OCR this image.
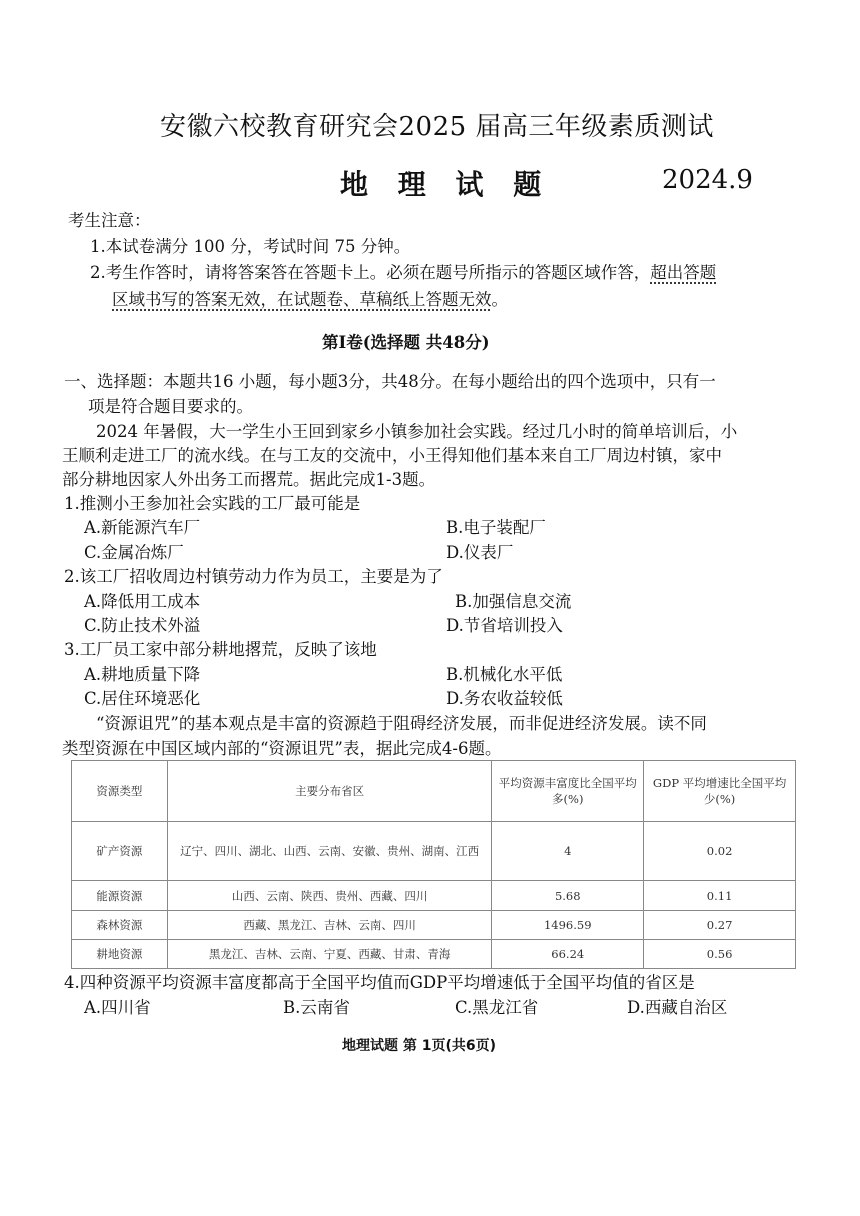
安徽六校教育研究会2025 届高三年级素质测试
地 理 试 题	2024.9
考生注意：
1.本试卷满分 100 分，考试时间 75 分钟。
2.考生作答时，请将答案答在答题卡上。必须在题号所指示的答题区域作答，超出答题
区域书写的答案无效，在试题卷、草稿纸上答题无效。
第Ⅰ卷(选择题 共48分)
一、选择题：本题共16 小题，每小题3分，共48分。在每小题给出的四个选项中，只有一
项是符合题目要求的。
2024 年暑假，大一学生小王回到家乡小镇参加社会实践。经过几小时的简单培训后，小
王顺利走进工厂的流水线。在与工友的交流中，小王得知他们基本来自工厂周边村镇，家中
部分耕地因家人外出务工而撂荒。据此完成1-3题。
1.推测小王参加社会实践的工厂最可能是
A.新能源汽车厂	B.电子装配厂
C.金属冶炼厂	D.仪表厂
2.该工厂招收周边村镇劳动力作为员工，主要是为了
A.降低用工成本	B.加强信息交流
C.防止技术外溢	D.节省培训投入
3.工厂员工家中部分耕地撂荒，反映了该地
A.耕地质量下降	B.机械化水平低
C.居住环境恶化	D.务农收益较低
“资源诅咒”的基本观点是丰富的资源趋于阻碍经济发展，而非促进经济发展。读不同
类型资源在中国区域内部的“资源诅咒”表，据此完成4-6题。
资源类型	主要分布省区	平均资源丰富度比全国平均多(%)	GDP 平均增速比全国平均少(%)
矿产资源	辽宁、四川、湖北、山西、云南、安徽、贵州、湖南、江西	4	0.02
能源资源	山西、云南、陕西、贵州、西藏、四川	5.68	0.11
森林资源	西藏、黑龙江、吉林、云南、四川	1496.59	0.27
耕地资源	黑龙江、吉林、云南、宁夏、西藏、甘肃、青海	66.24	0.56
4.四种资源平均资源丰富度都高于全国平均值而GDP平均增速低于全国平均值的省区是
A.四川省	B.云南省	C.黑龙江省	D.西藏自治区
地理试题 第 1页(共6页)
